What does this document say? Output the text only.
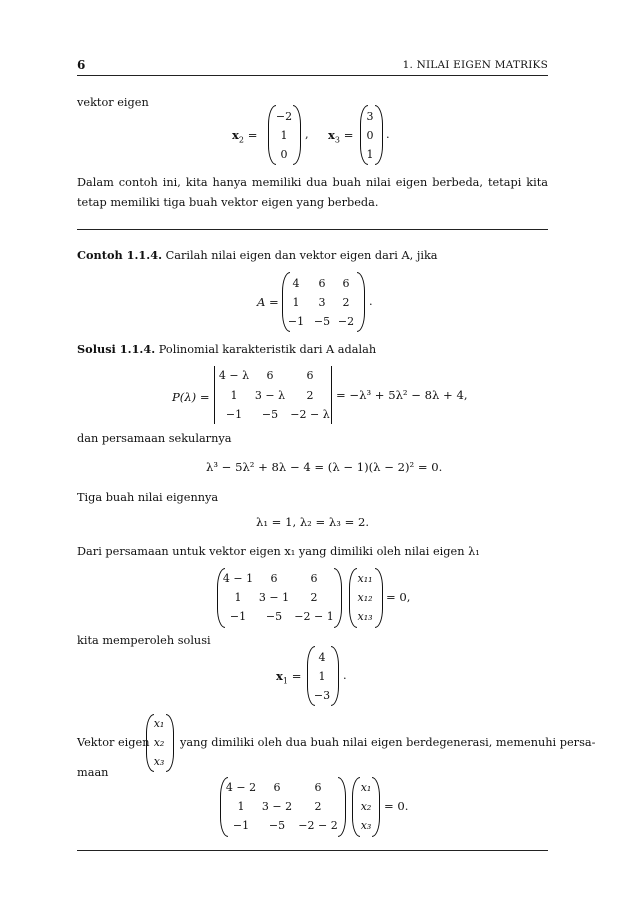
6	1. NILAI EIGEN MATRIKS
vektor eigen
$x_2$ =
−2
1
0
, $x_3$ =
3
0
1
.
Dalam contoh ini, kita hanya memiliki dua buah nilai eigen berbeda, tetapi kita tetap memiliki tiga buah vektor eigen yang berbeda.
Contoh 1.1.4. Carilah nilai eigen dan vektor eigen dari A, jika
A =
4	6	6
1	3	2
−1 −5 −2
.
Solusi 1.1.4. Polinomial karakteristik dari A adalah
P(λ) =
4 − λ	6	6
1	3 − λ	2
−1	−5	−2 − λ
= −λ³ + 5λ² − 8λ + 4,
dan persamaan sekularnya
λ³ − 5λ² + 8λ − 4 = (λ − 1)(λ − 2)² = 0.
Tiga buah nilai eigennya
λ₁ = 1, λ₂ = λ₃ = 2.
Dari persamaan untuk vektor eigen x₁ yang dimiliki oleh nilai eigen λ₁
4 − 1	6	6
1	3 − 1	2
−1	−5	−2 − 1
x₁₁
x₁₂
x₁₃
= 0,
kita memperoleh solusi
$x_1$ =
4
1
−3
.
Vektor eigen
x₁
x₂
x₃
yang dimiliki oleh dua buah nilai eigen berdegenerasi, memenuhi persa-
maan
4 − 2	6	6
1	3 − 2	2
−1	−5	−2 − 2
x₁
x₂
x₃
= 0.
